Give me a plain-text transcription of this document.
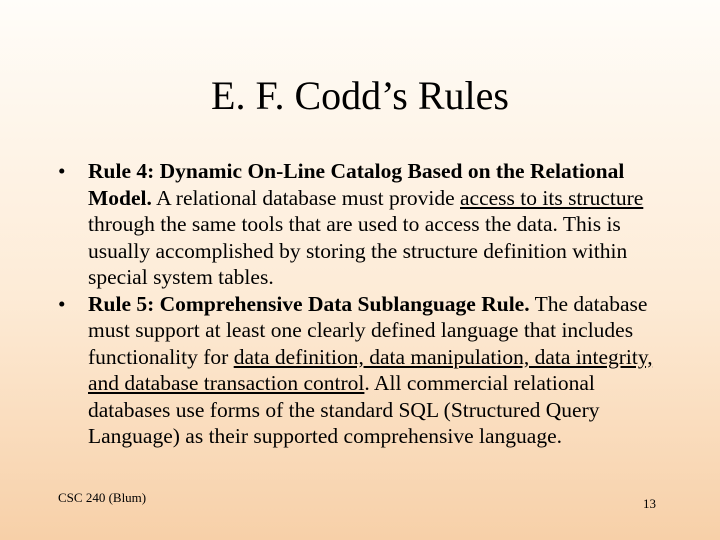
E. F. Codd’s Rules
•	Rule 4: Dynamic On-Line Catalog Based on the Relational Model. A relational database must provide access to its structure through the same tools that are used to access the data. This is usually accomplished by storing the structure definition within special system tables.
•	Rule 5: Comprehensive Data Sublanguage Rule. The database must support at least one clearly defined language that includes functionality for data definition, data manipulation, data integrity, and database transaction control. All commercial relational databases use forms of the standard SQL (Structured Query Language) as their supported comprehensive language.
CSC 240 (Blum)	13
